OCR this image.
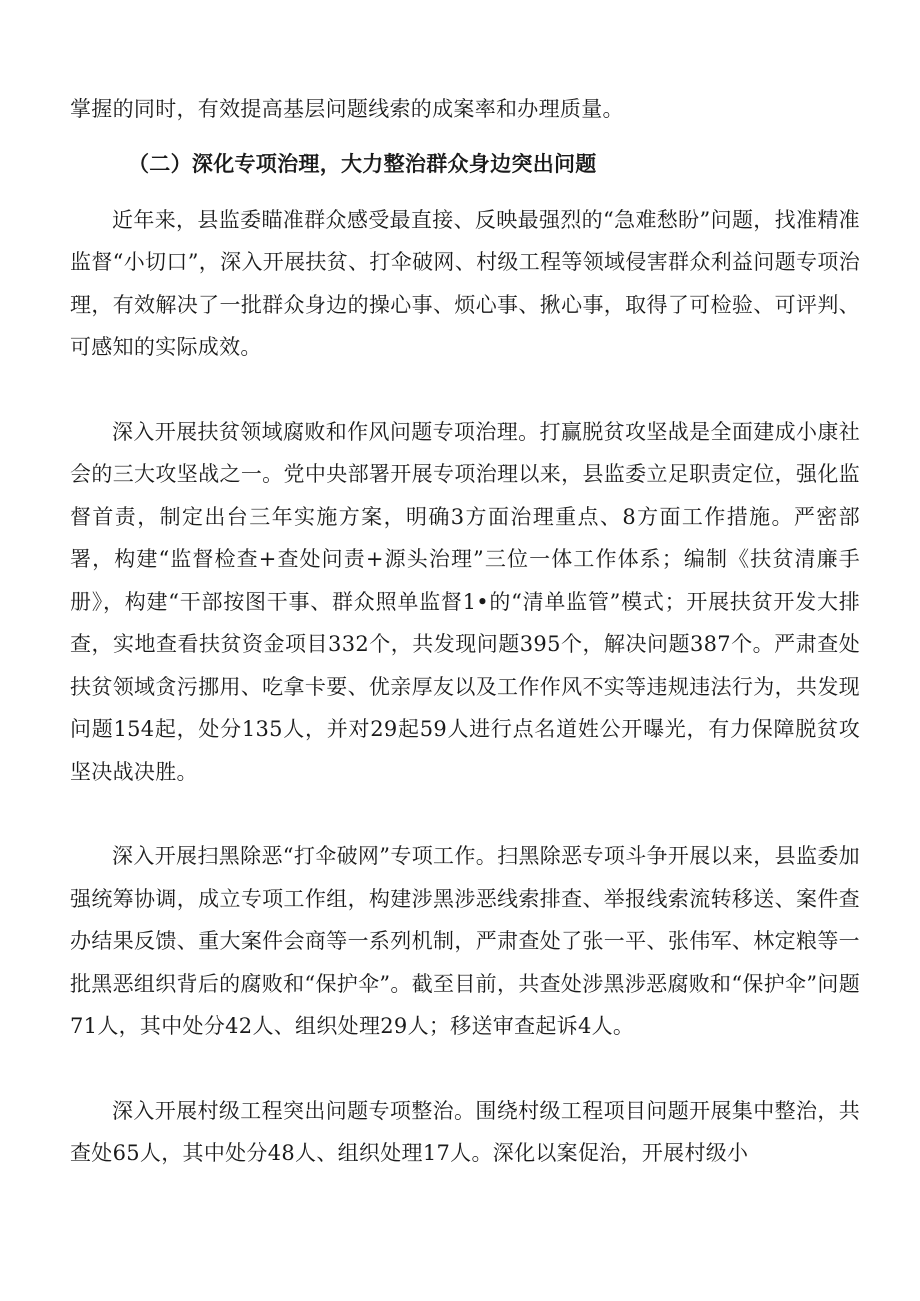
掌握的同时，有效提高基层问题线索的成案率和办理质量。

（二）深化专项治理，大力整治群众身边突出问题

近年来，县监委瞄准群众感受最直接、反映最强烈的“急难愁盼”问题，找准精准监督“小切口”，深入开展扶贫、打伞破网、村级工程等领域侵害群众利益问题专项治理，有效解决了一批群众身边的操心事、烦心事、揪心事，取得了可检验、可评判、可感知的实际成效。

深入开展扶贫领域腐败和作风问题专项治理。打赢脱贫攻坚战是全面建成小康社会的三大攻坚战之一。党中央部署开展专项治理以来，县监委立足职责定位，强化监督首责，制定出台三年实施方案，明确3方面治理重点、8方面工作措施。严密部署，构建“监督检查+查处问责+源头治理”三位一体工作体系；编制《扶贫清廉手册》，构建“干部按图干事、群众照单监督1•的“清单监管”模式；开展扶贫开发大排查，实地查看扶贫资金项目332个，共发现问题395个，解决问题387个。严肃查处扶贫领域贪污挪用、吃拿卡要、优亲厚友以及工作作风不实等违规违法行为，共发现问题154起，处分135人，并对29起59人进行点名道姓公开曝光，有力保障脱贫攻坚决战决胜。

深入开展扫黑除恶“打伞破网”专项工作。扫黑除恶专项斗争开展以来，县监委加强统筹协调，成立专项工作组，构建涉黑涉恶线索排查、举报线索流转移送、案件查办结果反馈、重大案件会商等一系列机制，严肃查处了张一平、张伟军、林定粮等一批黑恶组织背后的腐败和“保护伞”。截至目前，共查处涉黑涉恶腐败和“保护伞”问题71人，其中处分42人、组织处理29人；移送审查起诉4人。

深入开展村级工程突出问题专项整治。围绕村级工程项目问题开展集中整治，共查处65人，其中处分48人、组织处理17人。深化以案促治，开展村级小
